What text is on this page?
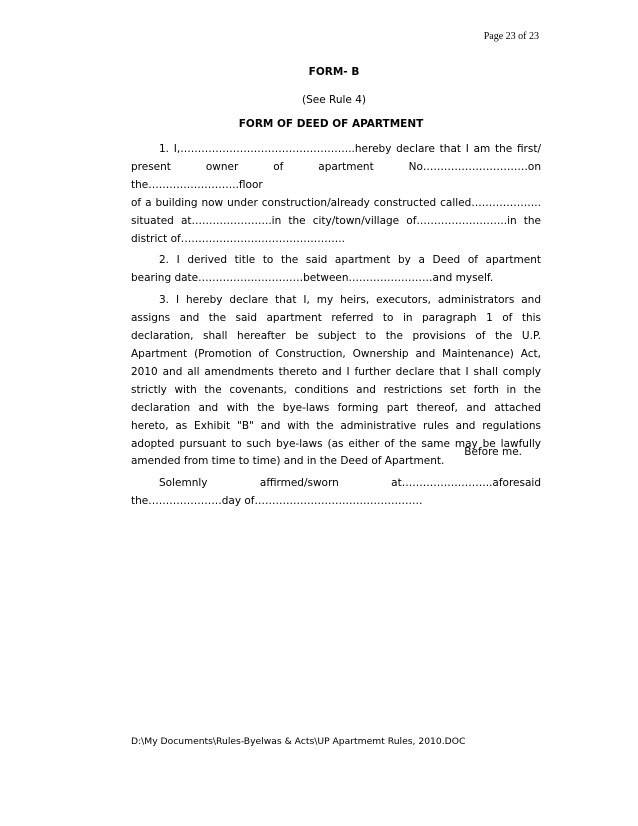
Page 23 of 23
FORM- B
(See Rule 4)
FORM OF DEED OF APARTMENT

1. I,…………………………………………..hereby declare that I am the first/
present owner of apartment No…………………………on the……………………..floor
of a building now under construction/already constructed called………………..
situated at…………………..in the city/town/village of……………………..in the
district of………………………………………..

2. I derived title to the said apartment by a Deed of apartment
bearing date…………………………between……………………and myself.

3. I hereby declare that I, my heirs, executors, administrators and
assigns and the said apartment referred to in paragraph 1 of this
declaration, shall hereafter be subject to the provisions of the U.P.
Apartment (Promotion of Construction, Ownership and Maintenance) Act,
2010 and all amendments thereto and I further declare that I shall comply
strictly with the covenants, conditions and restrictions set forth in the
declaration and with the bye-laws forming part thereof, and attached
hereto, as Exhibit "B" and with the administrative rules and regulations
adopted pursuant to such bye-laws (as either of the same may be lawfully
amended from time to time) and in the Deed of Apartment.

Solemnly affirmed/sworn at……………………..aforesaid
the…………………day of…………………………………………

Before me.
D:\My Documents\Rules-Byelwas & Acts\UP Apartmemt Rules, 2010.DOC
